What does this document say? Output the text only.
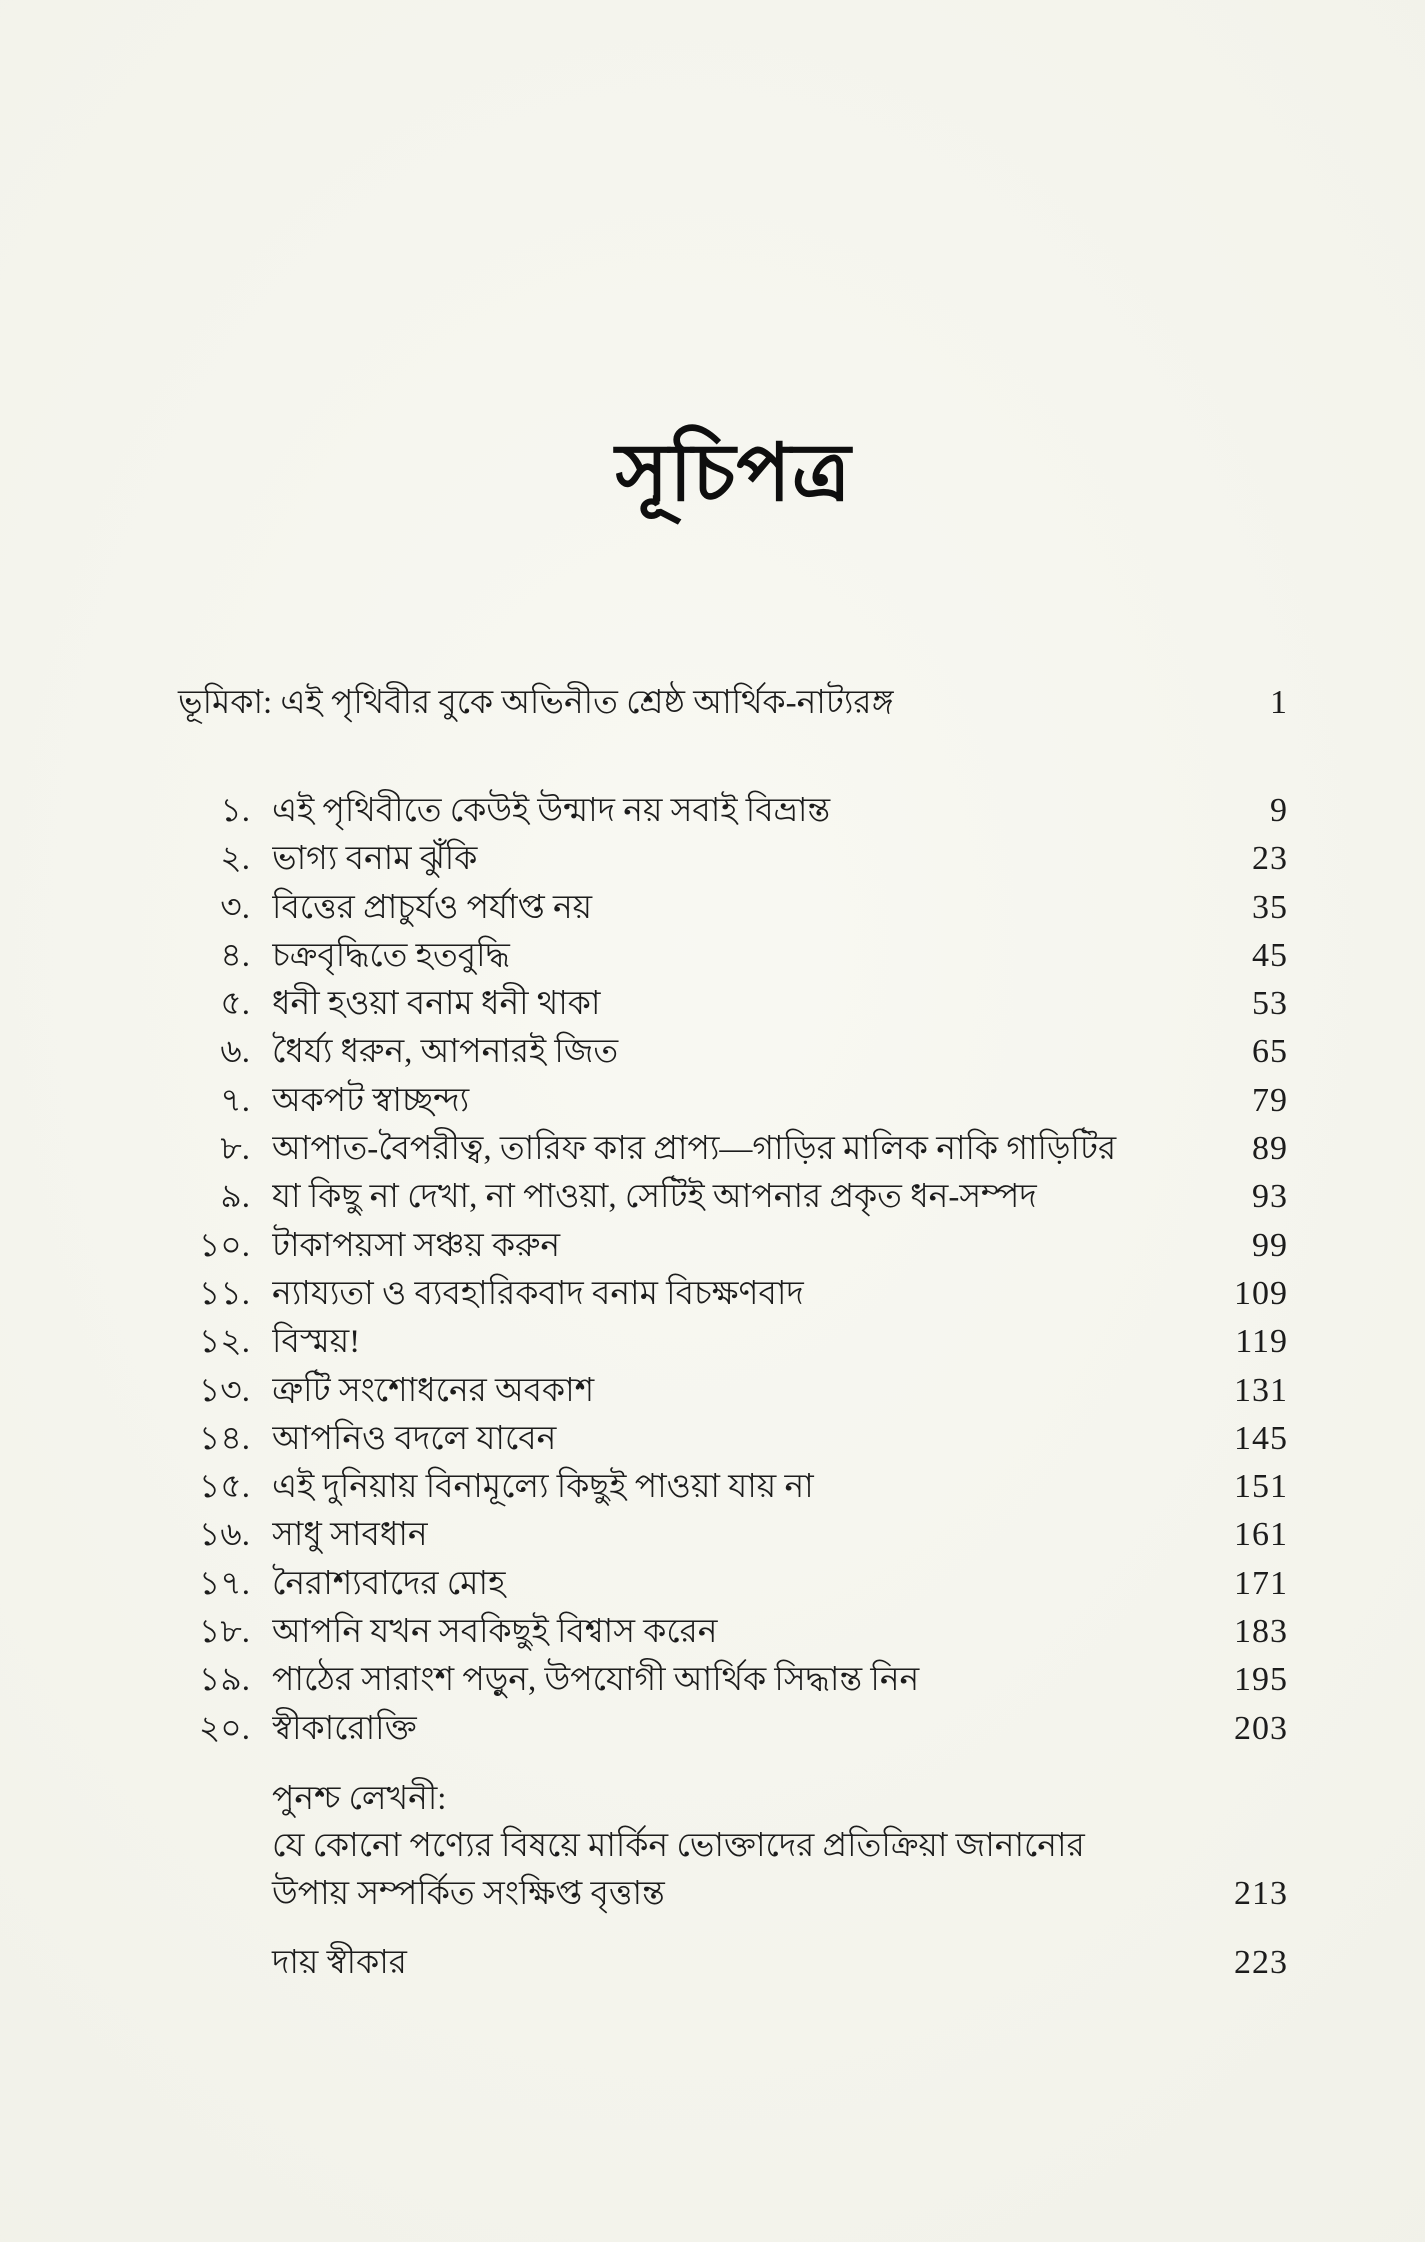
সূচিপত্র
ভূমিকা: এই পৃথিবীর বুকে অভিনীত শ্রেষ্ঠ আর্থিক-নাট্যরঙ্গ	1
১. এই পৃথিবীতে কেউই উন্মাদ নয় সবাই বিভ্রান্ত	9
২. ভাগ্য বনাম ঝুঁকি	23
৩. বিত্তের প্রাচুর্যও পর্যাপ্ত নয়	35
৪. চক্রবৃদ্ধিতে হতবুদ্ধি	45
৫. ধনী হওয়া বনাম ধনী থাকা	53
৬. ধৈর্য্য ধরুন, আপনারই জিত	65
৭. অকপট স্বাচ্ছন্দ্য	79
৮. আপাত-বৈপরীত্ব, তারিফ কার প্রাপ্য—গাড়ির মালিক নাকি গাড়িটির	89
৯. যা কিছু না দেখা, না পাওয়া, সেটিই আপনার প্রকৃত ধন-সম্পদ	93
১০. টাকাপয়সা সঞ্চয় করুন	99
১১. ন্যায্যতা ও ব্যবহারিকবাদ বনাম বিচক্ষণবাদ	109
১২. বিস্ময়!	119
১৩. ত্রুটি সংশোধনের অবকাশ	131
১৪. আপনিও বদলে যাবেন	145
১৫. এই দুনিয়ায় বিনামূল্যে কিছুই পাওয়া যায় না	151
১৬. সাধু সাবধান	161
১৭. নৈরাশ্যবাদের মোহ	171
১৮. আপনি যখন সবকিছুই বিশ্বাস করেন	183
১৯. পাঠের সারাংশ পড়ুন, উপযোগী আর্থিক সিদ্ধান্ত নিন	195
২০. স্বীকারোক্তি	203
পুনশ্চ লেখনী:
যে কোনো পণ্যের বিষয়ে মার্কিন ভোক্তাদের প্রতিক্রিয়া জানানোর
উপায় সম্পর্কিত সংক্ষিপ্ত বৃত্তান্ত	213
দায় স্বীকার	223
